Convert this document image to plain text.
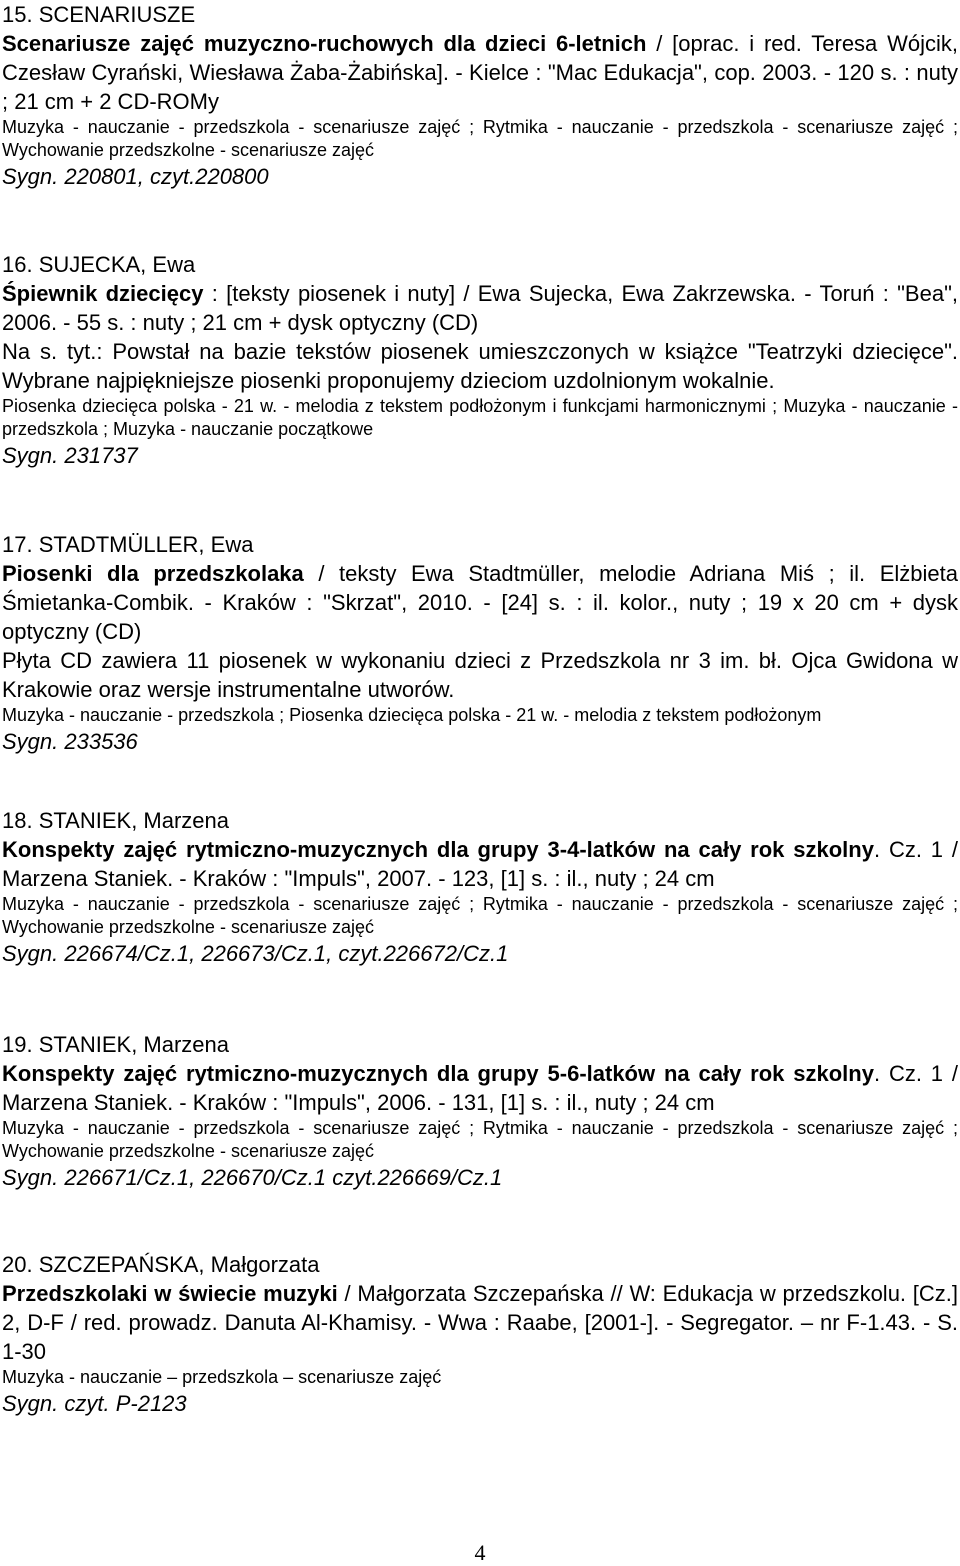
15. SCENARIUSZE

Scenariusze zajęć muzyczno-ruchowych dla dzieci 6-letnich / [oprac. i red. Teresa Wójcik, Czesław Cyrański, Wiesława Żaba-Żabińska]. - Kielce : "Mac Edukacja", cop. 2003. - 120 s. : nuty ; 21 cm + 2 CD-ROMy

Muzyka - nauczanie - przedszkola - scenariusze zajęć ; Rytmika - nauczanie - przedszkola - scenariusze zajęć ; Wychowanie przedszkolne - scenariusze zajęć

Sygn. 220801, czyt.220800
16. SUJECKA, Ewa

Śpiewnik dziecięcy : [teksty piosenek i nuty] / Ewa Sujecka, Ewa Zakrzewska. - Toruń : "Bea", 2006. - 55 s. : nuty ; 21 cm + dysk optyczny (CD)

Na s. tyt.: Powstał na bazie tekstów piosenek umieszczonych w książce "Teatrzyki dziecięce". Wybrane najpiękniejsze piosenki proponujemy dzieciom uzdolnionym wokalnie.

Piosenka dziecięca polska - 21 w. - melodia z tekstem podłożonym i funkcjami harmonicznymi ; Muzyka - nauczanie - przedszkola ; Muzyka - nauczanie początkowe

Sygn. 231737
17. STADTMÜLLER, Ewa

Piosenki dla przedszkolaka / teksty Ewa Stadtmüller, melodie Adriana Miś ; il. Elżbieta Śmietanka-Combik. - Kraków : "Skrzat", 2010. - [24] s. : il. kolor., nuty ; 19 x 20 cm + dysk optyczny (CD)

Płyta CD zawiera 11 piosenek w wykonaniu dzieci z Przedszkola nr 3 im. bł. Ojca Gwidona w Krakowie oraz wersje instrumentalne utworów.

Muzyka - nauczanie - przedszkola ; Piosenka dziecięca polska - 21 w. - melodia z tekstem podłożonym

Sygn. 233536
18. STANIEK, Marzena

Konspekty zajęć rytmiczno-muzycznych dla grupy 3-4-latków na cały rok szkolny. Cz. 1 / Marzena Staniek. - Kraków : "Impuls", 2007. - 123, [1] s. : il., nuty ; 24 cm

Muzyka - nauczanie - przedszkola - scenariusze zajęć ; Rytmika - nauczanie - przedszkola - scenariusze zajęć ; Wychowanie przedszkolne - scenariusze zajęć

Sygn. 226674/Cz.1, 226673/Cz.1, czyt.226672/Cz.1
19. STANIEK, Marzena

Konspekty zajęć rytmiczno-muzycznych dla grupy 5-6-latków na cały rok szkolny. Cz. 1 / Marzena Staniek. - Kraków : "Impuls", 2006. - 131, [1] s. : il., nuty ; 24 cm

Muzyka - nauczanie - przedszkola - scenariusze zajęć ; Rytmika - nauczanie - przedszkola - scenariusze zajęć ; Wychowanie przedszkolne - scenariusze zajęć

Sygn. 226671/Cz.1, 226670/Cz.1 czyt.226669/Cz.1
20. SZCZEPAŃSKA, Małgorzata

Przedszkolaki w świecie muzyki / Małgorzata Szczepańska // W: Edukacja w przedszkolu. [Cz.] 2, D-F / red. prowadz. Danuta Al-Khamisy. - Wwa : Raabe, [2001-]. - Segregator. – nr F-1.43. - S. 1-30

Muzyka - nauczanie – przedszkola – scenariusze zajęć

Sygn. czyt. P-2123
4
